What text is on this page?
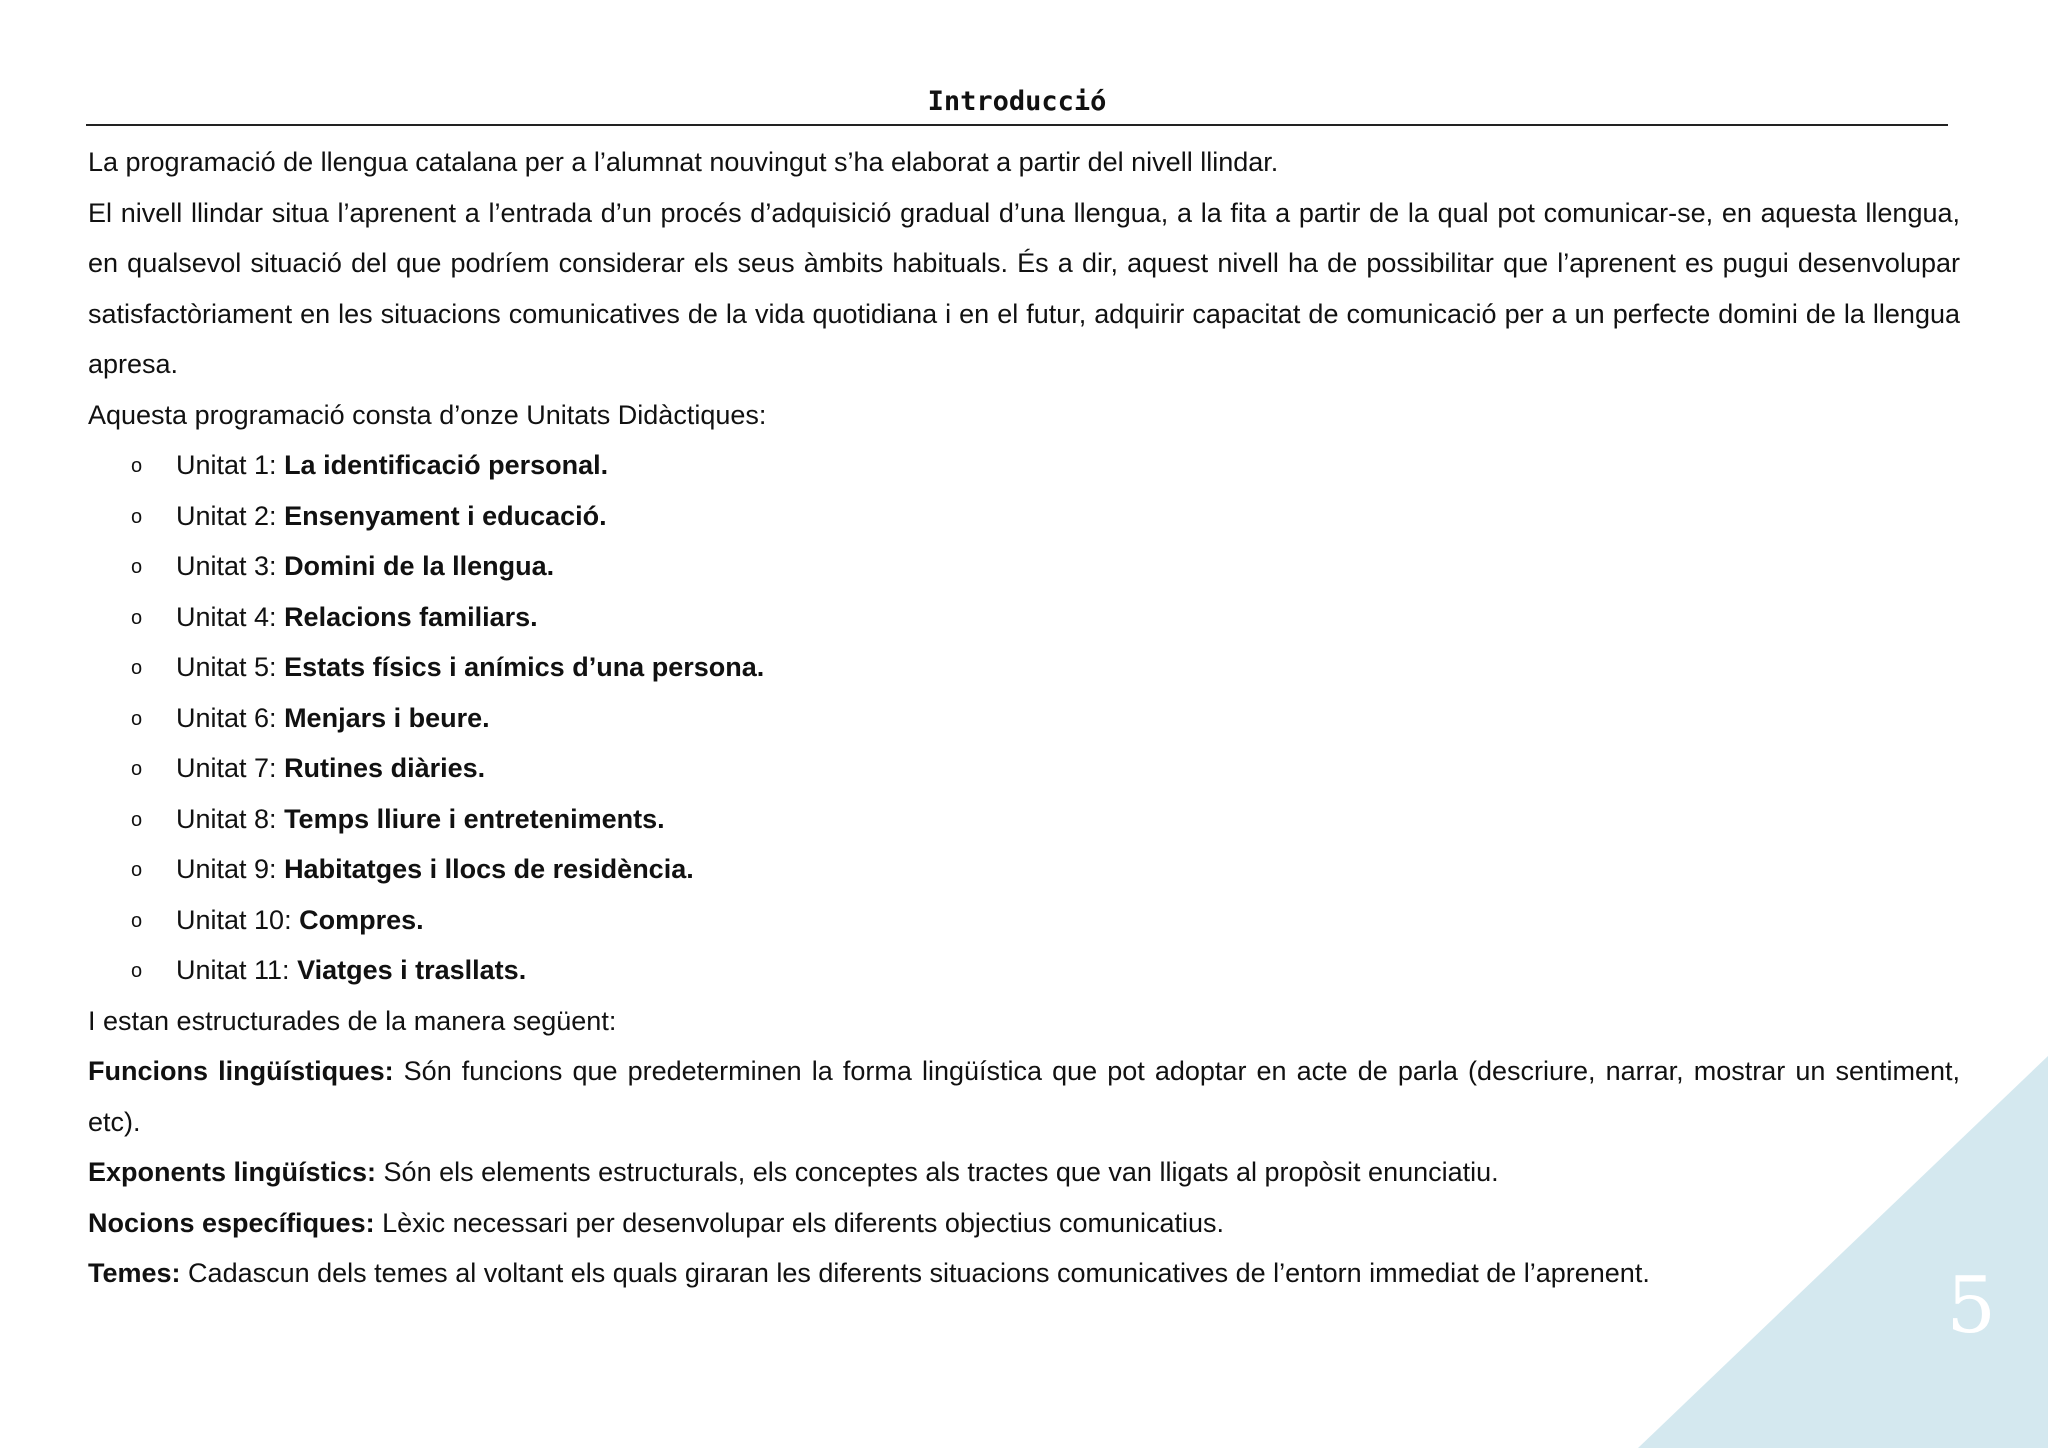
5
Introducció

La programació de llengua catalana per a l’alumnat nouvingut s’ha elaborat a partir del nivell llindar.

El nivell llindar situa l’aprenent a l’entrada d’un procés d’adquisició gradual d’una llengua, a la fita a partir de la qual pot comunicar-se, en aquesta llengua, en qualsevol situació del que podríem considerar els seus àmbits habituals. És a dir, aquest nivell ha de possibilitar que l’aprenent es pugui desenvolupar satisfactòriament en les situacions comunicatives de la vida quotidiana i en el futur, adquirir capacitat de comunicació per a un perfecte domini de la llengua apresa.

Aquesta programació consta d’onze Unitats Didàctiques:

o Unitat 1: La identificació personal.
o Unitat 2: Ensenyament i educació.
o Unitat 3: Domini de la llengua.
o Unitat 4: Relacions familiars.
o Unitat 5: Estats físics i anímics d’una persona.
o Unitat 6: Menjars i beure.
o Unitat 7: Rutines diàries.
o Unitat 8: Temps lliure i entreteniments.
o Unitat 9: Habitatges i llocs de residència.
o Unitat 10: Compres.
o Unitat 11: Viatges i trasllats.

I estan estructurades de la manera següent:

Funcions lingüístiques: Són funcions que predeterminen la forma lingüística que pot adoptar en acte de parla (descriure, narrar, mostrar un sentiment, etc).

Exponents lingüístics: Són els elements estructurals, els conceptes als tractes que van lligats al propòsit enunciatiu.

Nocions específiques: Lèxic necessari per desenvolupar els diferents objectius comunicatius.

Temes: Cadascun dels temes al voltant els quals giraran les diferents situacions comunicatives de l’entorn immediat de l’aprenent.
